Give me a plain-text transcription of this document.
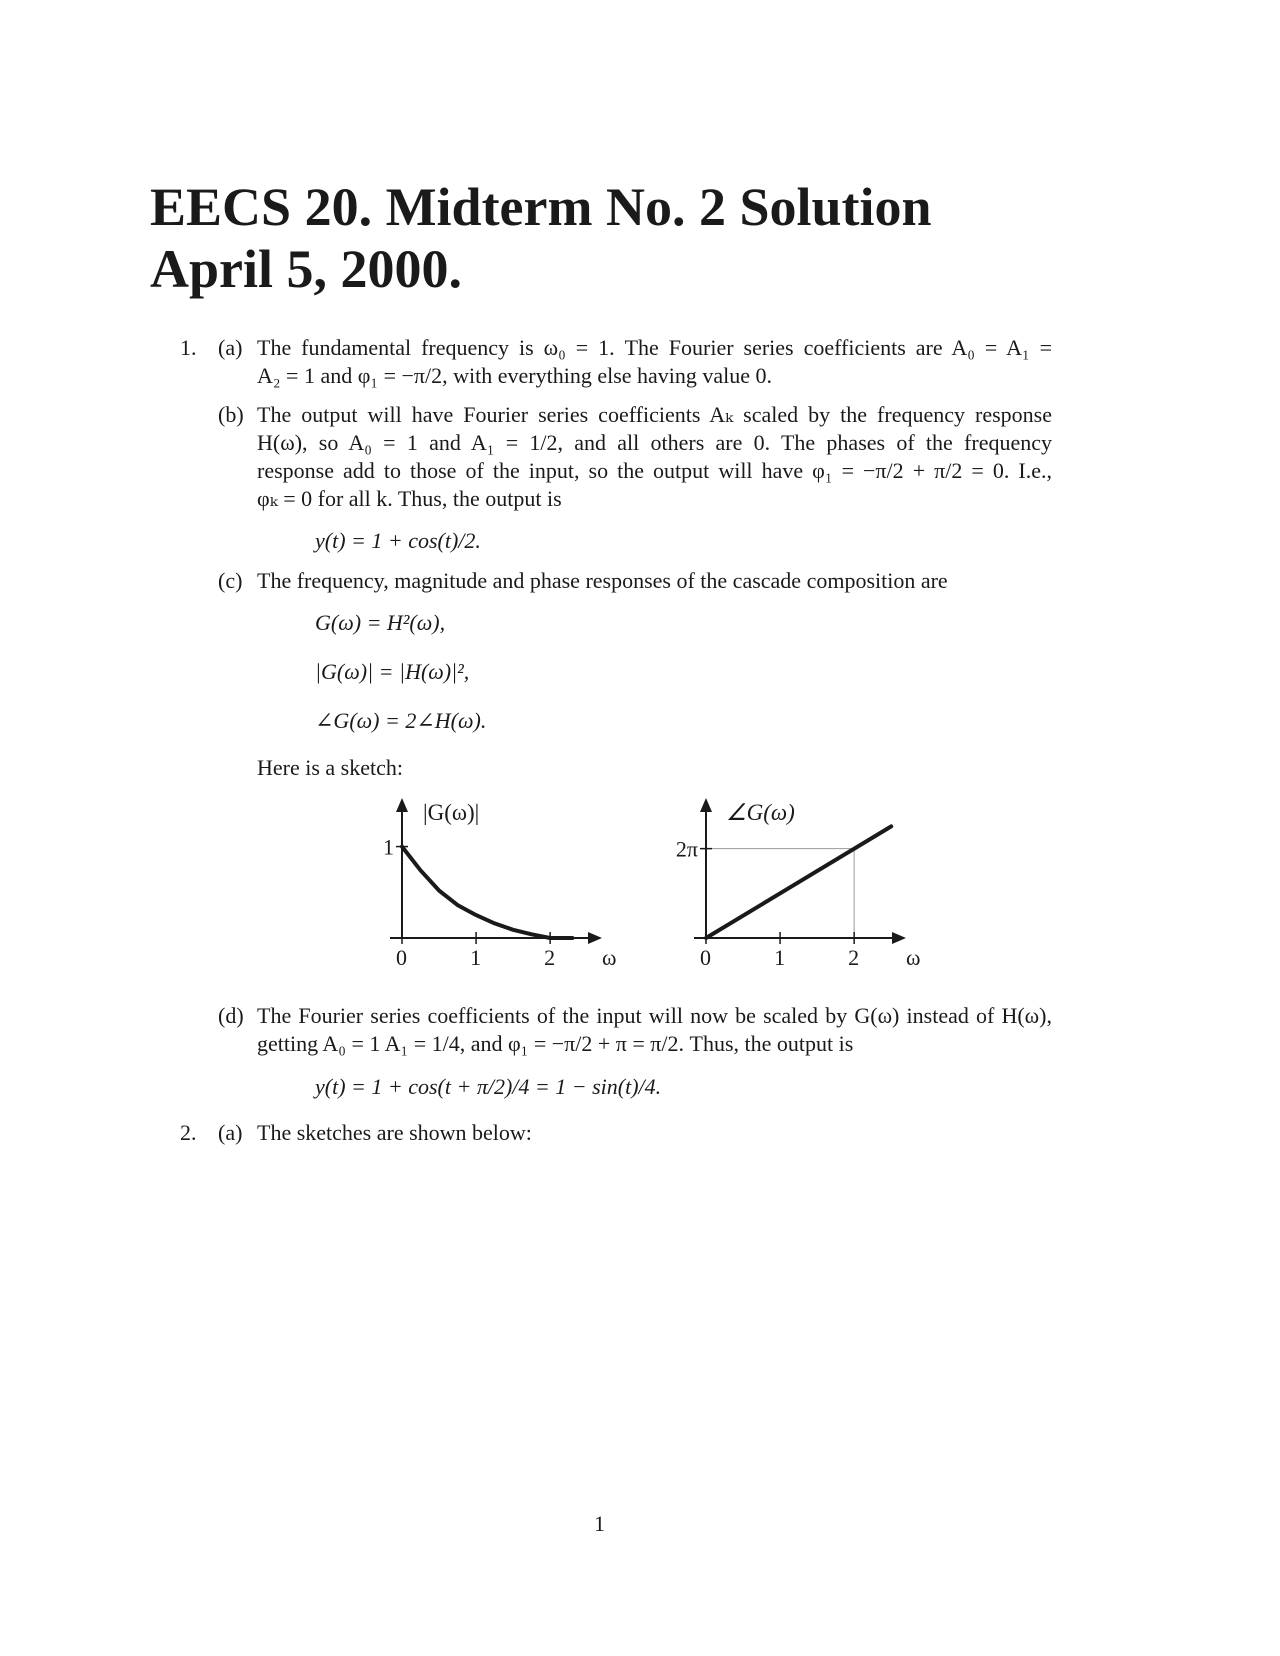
EECS 20. Midterm No. 2 Solution
April 5, 2000.
1. (a) The fundamental frequency is ω₀ = 1. The Fourier series coefficients are A₀ = A₁ =
A₂ = 1 and φ₁ = −π/2, with everything else having value 0.
(b) The output will have Fourier series coefficients Aₖ scaled by the frequency response
H(ω), so A₀ = 1 and A₁ = 1/2, and all others are 0. The phases of the frequency
response add to those of the input, so the output will have φ₁ = −π/2 + π/2 = 0. I.e.,
φₖ = 0 for all k. Thus, the output is
y(t) = 1 + cos(t)/2.
(c) The frequency, magnitude and phase responses of the cascade composition are
G(ω) = H²(ω),
|G(ω)| = |H(ω)|²,
∠G(ω) = 2∠H(ω).
Here is a sketch:
|G(ω)|
ω
0	1	2
1
∠G(ω)
ω
0	1	2
2π
(d) The Fourier series coefficients of the input will now be scaled by G(ω) instead of H(ω),
getting A₀ = 1 A₁ = 1/4, and φ₁ = −π/2 + π = π/2. Thus, the output is
y(t) = 1 + cos(t + π/2)/4 = 1 − sin(t)/4.
2. (a) The sketches are shown below:
1
